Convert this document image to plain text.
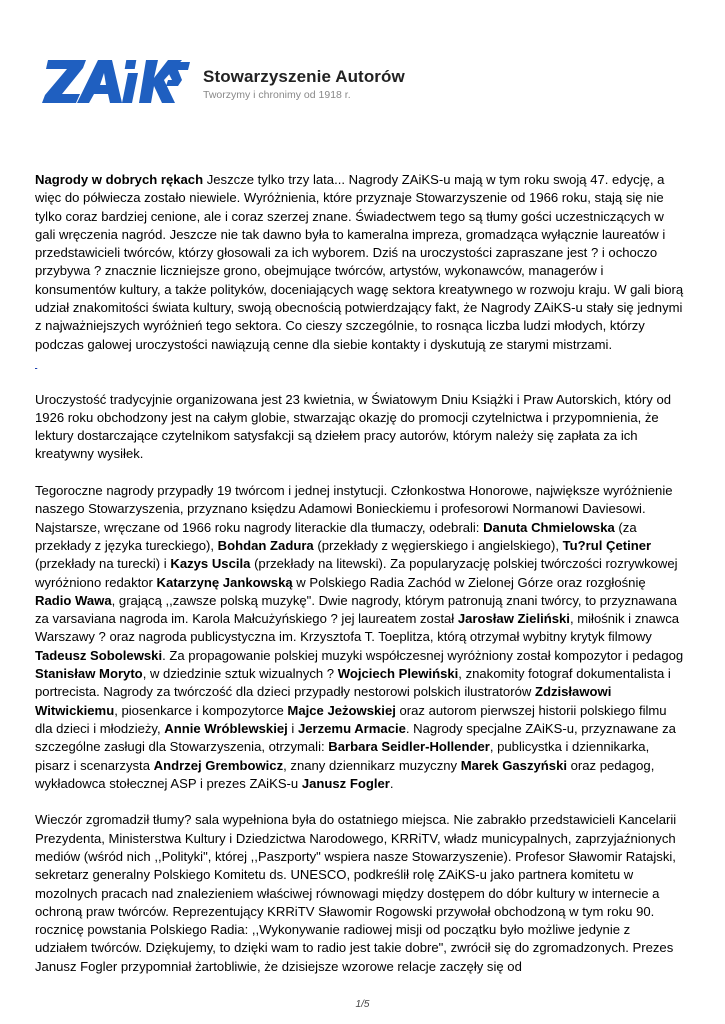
Stowarzyszenie Autorów
Tworzymy i chronimy od 1918 r.

Nagrody w dobrych rękach Jeszcze tylko trzy lata... Nagrody ZAiKS-u mają w tym roku swoją 47. edycję, a więc do półwiecza zostało niewiele. Wyróżnienia, które przyznaje Stowarzyszenie od 1966 roku, stają się nie tylko coraz bardziej cenione, ale i coraz szerzej znane. Świadectwem tego są tłumy gości uczestniczących w gali wręczenia nagród. Jeszcze nie tak dawno była to kameralna impreza, gromadząca wyłącznie laureatów i przedstawicieli twórców, którzy głosowali za ich wyborem. Dziś na uroczystości zapraszane jest ? i ochoczo przybywa ? znacznie liczniejsze grono, obejmujące twórców, artystów, wykonawców, managerów i konsumentów kultury, a także polityków, doceniających wagę sektora kreatywnego w rozwoju kraju. W gali biorą udział znakomitości świata kultury, swoją obecnością potwierdzający fakt, że Nagrody ZAiKS-u stały się jednymi z najważniejszych wyróżnień tego sektora. Co cieszy szczególnie, to rosnąca liczba ludzi młodych, którzy podczas galowej uroczystości nawiązują cenne dla siebie kontakty i dyskutują ze starymi mistrzami.

Uroczystość tradycyjnie organizowana jest 23 kwietnia, w Światowym Dniu Książki i Praw Autorskich, który od 1926 roku obchodzony jest na całym globie, stwarzając okazję do promocji czytelnictwa i przypomnienia, że lektury dostarczające czytelnikom satysfakcji są dziełem pracy autorów, którym należy się zapłata za ich kreatywny wysiłek.

Tegoroczne nagrody przypadły 19 twórcom i jednej instytucji. Członkostwa Honorowe, największe wyróżnienie naszego Stowarzyszenia, przyznano księdzu Adamowi Bonieckiemu i profesorowi Normanowi Daviesowi. Najstarsze, wręczane od 1966 roku nagrody literackie dla tłumaczy, odebrali: Danuta Chmielowska (za przekłady z języka tureckiego), Bohdan Zadura (przekłady z węgierskiego i angielskiego), Tu?rul Çetiner (przekłady na turecki) i Kazys Uscila (przekłady na litewski). Za popularyzację polskiej twórczości rozrywkowej wyróżniono redaktor Katarzynę Jankowską w Polskiego Radia Zachód w Zielonej Górze oraz rozgłośnię Radio Wawa, grającą ,,zawsze polską muzykę". Dwie nagrody, którym patronują znani twórcy, to przyznawana za varsaviana nagroda im. Karola Małcużyńskiego ? jej laureatem został Jarosław Zieliński, miłośnik i znawca Warszawy ? oraz nagroda publicystyczna im. Krzysztofa T. Toeplitza, którą otrzymał wybitny krytyk filmowy Tadeusz Sobolewski. Za propagowanie polskiej muzyki współczesnej wyróżniony został kompozytor i pedagog Stanisław Moryto, w dziedzinie sztuk wizualnych ? Wojciech Plewiński, znakomity fotograf dokumentalista i portrecista. Nagrody za twórczość dla dzieci przypadły nestorowi polskich ilustratorów Zdzisławowi Witwickiemu, piosenkarce i kompozytorce Majce Jeżowskiej oraz autorom pierwszej historii polskiego filmu dla dzieci i młodzieży, Annie Wróblewskiej i Jerzemu Armacie. Nagrody specjalne ZAiKS-u, przyznawane za szczególne zasługi dla Stowarzyszenia, otrzymali: Barbara Seidler-Hollender, publicystka i dziennikarka, pisarz i scenarzysta Andrzej Grembowicz, znany dziennikarz muzyczny Marek Gaszyński oraz pedagog, wykładowca stołecznej ASP i prezes ZAiKS-u Janusz Fogler.

Wieczór zgromadził tłumy? sala wypełniona była do ostatniego miejsca. Nie zabrakło przedstawicieli Kancelarii Prezydenta, Ministerstwa Kultury i Dziedzictwa Narodowego, KRRiTV, władz municypalnych, zaprzyjaźnionych mediów (wśród nich ,,Polityki", której ,,Paszporty" wspiera nasze Stowarzyszenie). Profesor Sławomir Ratajski, sekretarz generalny Polskiego Komitetu ds. UNESCO, podkreślił rolę ZAiKS-u jako partnera komitetu w mozolnych pracach nad znalezieniem właściwej równowagi między dostępem do dóbr kultury w internecie a ochroną praw twórców. Reprezentujący KRRiTV Sławomir Rogowski przywołał obchodzoną w tym roku 90. rocznicę powstania Polskiego Radia: ,,Wykonywanie radiowej misji od początku było możliwe jedynie z udziałem twórców. Dziękujemy, to dzięki wam to radio jest takie dobre", zwrócił się do zgromadzonych. Prezes Janusz Fogler przypomniał żartobliwie, że dzisiejsze wzorowe relacje zaczęły się od

1/5
